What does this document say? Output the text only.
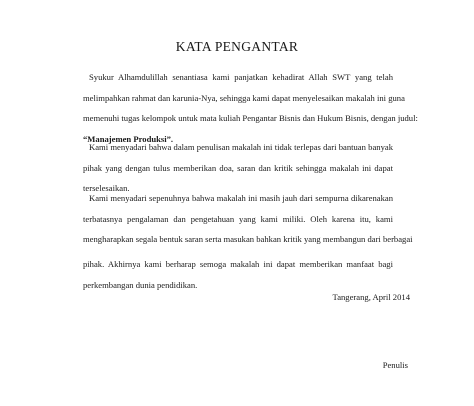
KATA PENGANTAR
Syukur Alhamdulillah senantiasa kami panjatkan kehadirat Allah SWT yang telah
melimpahkan rahmat dan karunia-Nya, sehingga kami dapat menyelesaikan makalah ini guna
memenuhi tugas kelompok untuk mata kuliah Pengantar Bisnis dan Hukum Bisnis, dengan judul:
“Manajemen Produksi”.
Kami menyadari bahwa dalam penulisan makalah ini tidak terlepas dari bantuan banyak
pihak yang dengan tulus memberikan doa, saran dan kritik sehingga makalah ini dapat
terselesaikan.
Kami menyadari sepenuhnya bahwa makalah ini masih jauh dari sempurna dikarenakan
terbatasnya pengalaman dan pengetahuan yang kami miliki. Oleh karena itu, kami
mengharapkan segala bentuk saran serta masukan bahkan kritik yang membangun dari berbagai
pihak. Akhirnya kami berharap semoga makalah ini dapat memberikan manfaat bagi
perkembangan dunia pendidikan.
Tangerang, April 2014
Penulis
